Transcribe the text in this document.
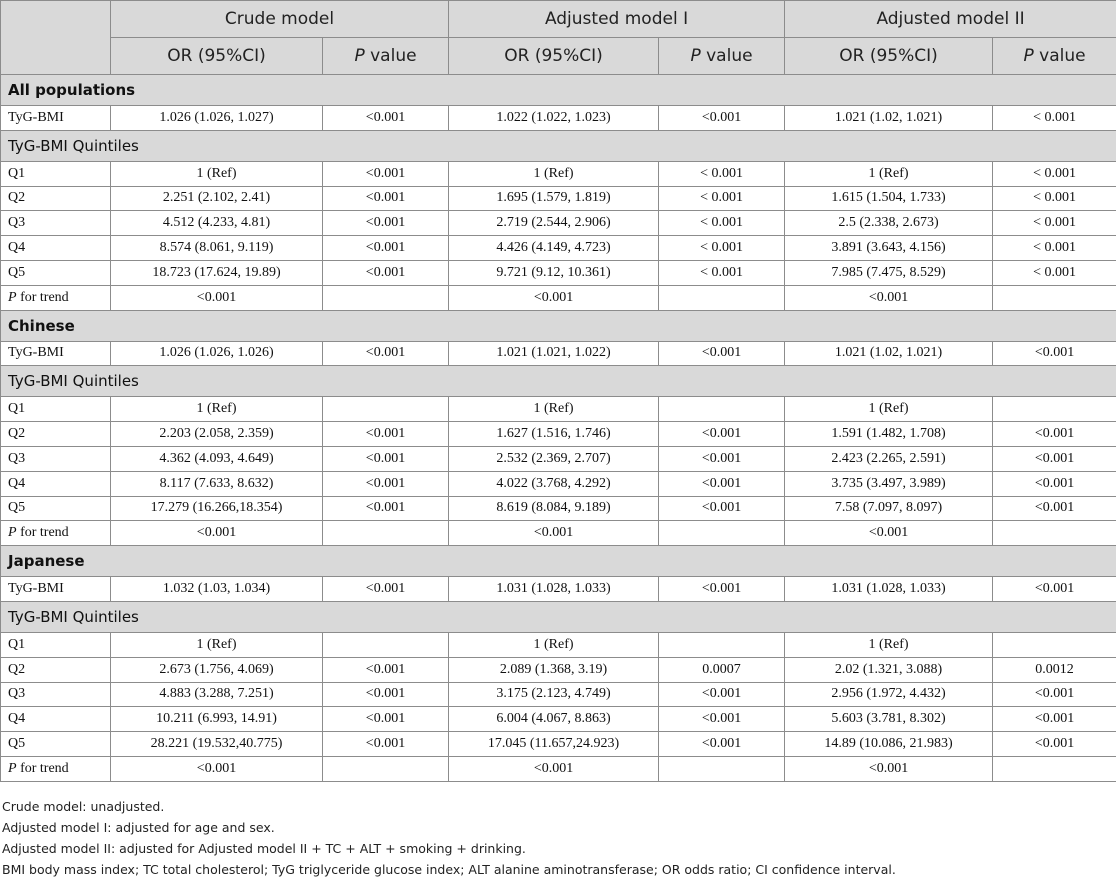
	Crude model		Adjusted model I		Adjusted model II	
	OR (95%CI)	P value	OR (95%CI)	P value	OR (95%CI)	P value
All populations						
TyG-BMI	1.026 (1.026, 1.027)	<0.001	1.022 (1.022, 1.023)	<0.001	1.021 (1.02, 1.021)	< 0.001
TyG-BMI Quintiles						
Q1	1 (Ref)	<0.001	1 (Ref)	< 0.001	1 (Ref)	< 0.001
Q2	2.251 (2.102, 2.41)	<0.001	1.695 (1.579, 1.819)	< 0.001	1.615 (1.504, 1.733)	< 0.001
Q3	4.512 (4.233, 4.81)	<0.001	2.719 (2.544, 2.906)	< 0.001	2.5 (2.338, 2.673)	< 0.001
Q4	8.574 (8.061, 9.119)	<0.001	4.426 (4.149, 4.723)	< 0.001	3.891 (3.643, 4.156)	< 0.001
Q5	18.723 (17.624, 19.89)	<0.001	9.721 (9.12, 10.361)	< 0.001	7.985 (7.475, 8.529)	< 0.001
P for trend	<0.001		<0.001		<0.001	
Chinese						
TyG-BMI	1.026 (1.026, 1.026)	<0.001	1.021 (1.021, 1.022)	<0.001	1.021 (1.02, 1.021)	<0.001
TyG-BMI Quintiles						
Q1	1 (Ref)		1 (Ref)		1 (Ref)	
Q2	2.203 (2.058, 2.359)	<0.001	1.627 (1.516, 1.746)	<0.001	1.591 (1.482, 1.708)	<0.001
Q3	4.362 (4.093, 4.649)	<0.001	2.532 (2.369, 2.707)	<0.001	2.423 (2.265, 2.591)	<0.001
Q4	8.117 (7.633, 8.632)	<0.001	4.022 (3.768, 4.292)	<0.001	3.735 (3.497, 3.989)	<0.001
Q5	17.279 (16.266,18.354)	<0.001	8.619 (8.084, 9.189)	<0.001	7.58 (7.097, 8.097)	<0.001
P for trend	<0.001		<0.001		<0.001	
Japanese						
TyG-BMI	1.032 (1.03, 1.034)	<0.001	1.031 (1.028, 1.033)	<0.001	1.031 (1.028, 1.033)	<0.001
TyG-BMI Quintiles						
Q1	1 (Ref)		1 (Ref)		1 (Ref)	
Q2	2.673 (1.756, 4.069)	<0.001	2.089 (1.368, 3.19)	0.0007	2.02 (1.321, 3.088)	0.0012
Q3	4.883 (3.288, 7.251)	<0.001	3.175 (2.123, 4.749)	<0.001	2.956 (1.972, 4.432)	<0.001
Q4	10.211 (6.993, 14.91)	<0.001	6.004 (4.067, 8.863)	<0.001	5.603 (3.781, 8.302)	<0.001
Q5	28.221 (19.532,40.775)	<0.001	17.045 (11.657,24.923)	<0.001	14.89 (10.086, 21.983)	<0.001
P for trend	<0.001		<0.001		<0.001	
Crude model: unadjusted.
Adjusted model I: adjusted for age and sex.
Adjusted model II: adjusted for Adjusted model II + TC + ALT + smoking + drinking.
BMI body mass index; TC total cholesterol; TyG triglyceride glucose index; ALT alanine aminotransferase; OR odds ratio; CI confidence interval.
